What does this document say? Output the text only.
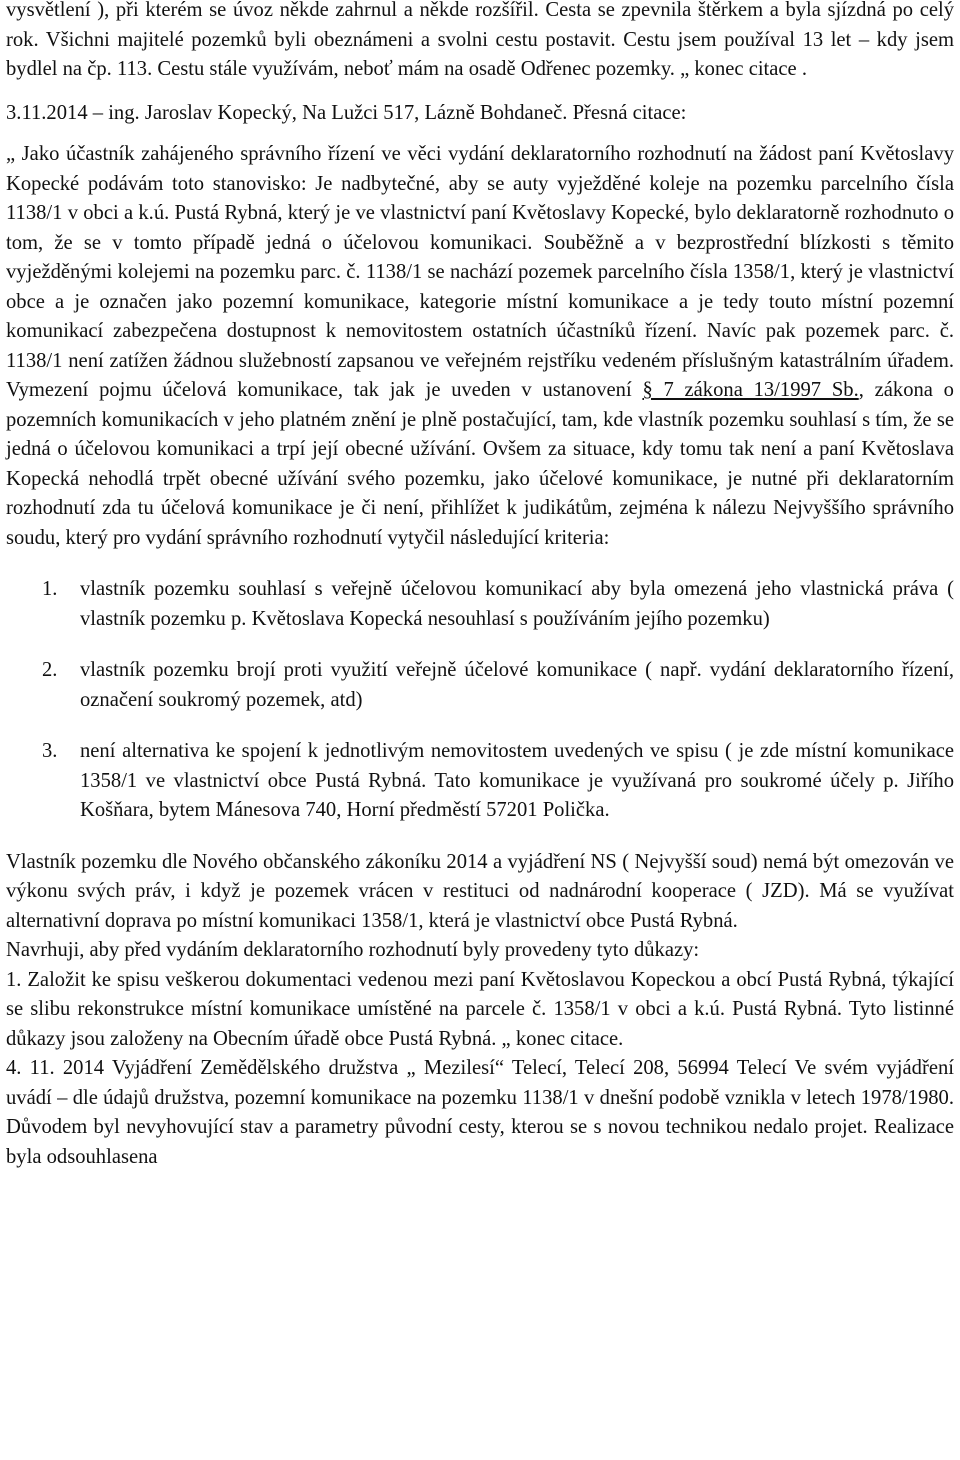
vysvětlení ), při kterém se úvoz někde zahrnul a někde rozšířil. Cesta se zpevnila štěrkem a byla sjízdná po celý rok. Všichni majitelé pozemků byli obeznámeni a svolni cestu postavit. Cestu jsem používal 13 let – kdy jsem bydlel na čp. 113. Cestu stále využívám, neboť mám na osadě Odřenec pozemky. „ konec citace .

3.11.2014 – ing. Jaroslav Kopecký, Na Lužci 517, Lázně Bohdaneč. Přesná citace:

„ Jako účastník zahájeného správního řízení ve věci vydání deklaratorního rozhodnutí na žádost paní Květoslavy Kopecké podávám toto stanovisko: Je nadbytečné, aby se auty vyježděné koleje na pozemku parcelního čísla 1138/1 v obci a k.ú. Pustá Rybná, který je ve vlastnictví paní Květoslavy Kopecké, bylo deklaratorně rozhodnuto o tom, že se v tomto případě jedná o účelovou komunikaci. Souběžně a v bezprostřední blízkosti s těmito vyježděnými kolejemi na pozemku parc. č. 1138/1 se nachází pozemek parcelního čísla 1358/1, který je vlastnictví obce a je označen jako pozemní komunikace, kategorie místní komunikace a je tedy touto místní pozemní komunikací zabezpečena dostupnost k nemovitostem ostatních účastníků řízení. Navíc pak pozemek parc. č. 1138/1 není zatížen žádnou služebností zapsanou ve veřejném rejstříku vedeném příslušným katastrálním úřadem. Vymezení pojmu účelová komunikace, tak jak je uveden v ustanovení § 7 zákona 13/1997 Sb., zákona o pozemních komunikacích v jeho platném znění je plně postačující, tam, kde vlastník pozemku souhlasí s tím, že se jedná o účelovou komunikaci a trpí její obecné užívání. Ovšem za situace, kdy tomu tak není a paní Květoslava Kopecká nehodlá trpět obecné užívání svého pozemku, jako účelové komunikace, je nutné při deklaratorním rozhodnutí zda tu účelová komunikace je či není, přihlížet k judikátům, zejména k nálezu Nejvyššího správního soudu, který pro vydání správního rozhodnutí vytyčil následující kriteria:

1. vlastník pozemku souhlasí s veřejně účelovou komunikací aby byla omezená jeho vlastnická práva ( vlastník pozemku p. Květoslava Kopecká nesouhlasí s používáním jejího pozemku)
2. vlastník pozemku brojí proti využití veřejně účelové komunikace ( např. vydání deklaratorního řízení, označení soukromý pozemek, atd)
3. není alternativa ke spojení k jednotlivým nemovitostem uvedených ve spisu ( je zde místní komunikace 1358/1 ve vlastnictví obce Pustá Rybná. Tato komunikace je využívaná pro soukromé účely p. Jiřího Košňara, bytem Mánesova 740, Horní předměstí 57201 Polička.

Vlastník pozemku dle Nového občanského zákoníku 2014 a vyjádření NS ( Nejvyšší soud) nemá být omezován ve výkonu svých práv, i když je pozemek vrácen v restituci od nadnárodní kooperace ( JZD). Má se využívat alternativní doprava po místní komunikaci 1358/1, která je vlastnictví obce Pustá Rybná.

Navrhuji, aby před vydáním deklaratorního rozhodnutí byly provedeny tyto důkazy:

1. Založit ke spisu veškerou dokumentaci vedenou mezi paní Květoslavou Kopeckou a obcí Pustá Rybná, týkající se slibu rekonstrukce místní komunikace umístěné na parcele č. 1358/1 v obci a k.ú. Pustá Rybná. Tyto listinné důkazy jsou založeny na Obecním úřadě obce Pustá Rybná. „ konec citace.

4. 11. 2014 Vyjádření Zemědělského družstva „ Mezilesí“ Telecí, Telecí 208, 56994 Telecí Ve svém vyjádření uvádí – dle údajů družstva, pozemní komunikace na pozemku 1138/1 v dnešní podobě vznikla v letech 1978/1980. Důvodem byl nevyhovující stav a parametry původní cesty, kterou se s novou technikou nedalo projet. Realizace byla odsouhlasena
